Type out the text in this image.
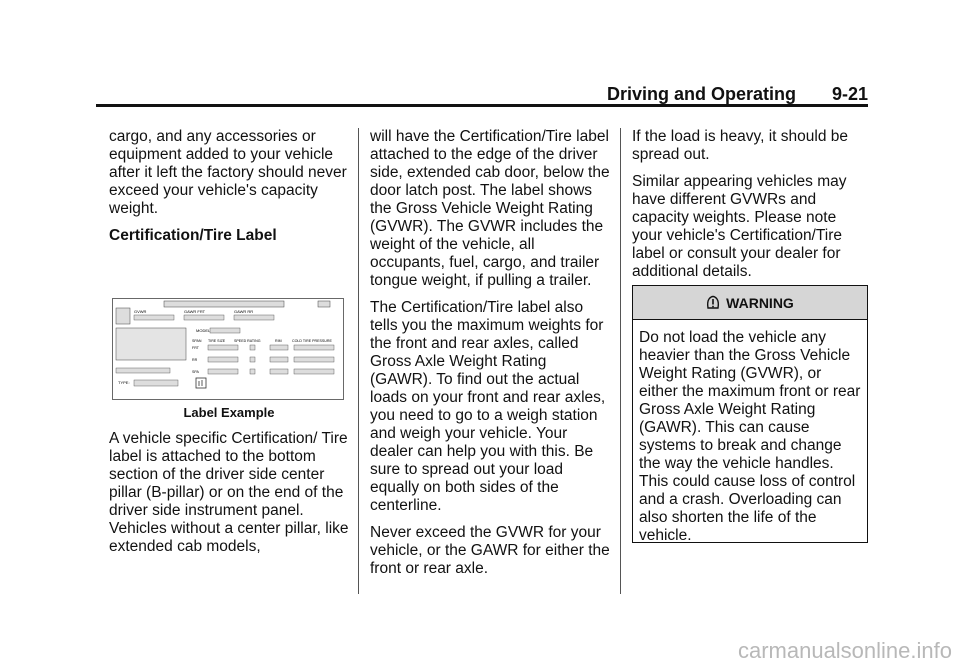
Driving and Operating 9-21

cargo, and any accessories or equipment added to your vehicle after it left the factory should never exceed your vehicle's capacity weight.

Certification/Tire Label

GVWR	GAWR FRT	GAWR RR
MODEL
SPAN TIRE SIZE SPEED RATING	RIM	COLD TIRE PRESSURE
FRT
RR
SPA
TYPE:

Label Example

A vehicle specific Certification/ Tire label is attached to the bottom section of the driver side center pillar (B-pillar) or on the end of the driver side instrument panel. Vehicles without a center pillar, like extended cab models,

will have the Certification/Tire label attached to the edge of the driver side, extended cab door, below the door latch post. The label shows the Gross Vehicle Weight Rating (GVWR). The GVWR includes the weight of the vehicle, all occupants, fuel, cargo, and trailer tongue weight, if pulling a trailer.

The Certification/Tire label also tells you the maximum weights for the front and rear axles, called Gross Axle Weight Rating (GAWR). To find out the actual loads on your front and rear axles, you need to go to a weigh station and weigh your vehicle. Your dealer can help you with this. Be sure to spread out your load equally on both sides of the centerline.

Never exceed the GVWR for your vehicle, or the GAWR for either the front or rear axle.

If the load is heavy, it should be spread out.

Similar appearing vehicles may have different GVWRs and capacity weights. Please note your vehicle's Certification/Tire label or consult your dealer for additional details.

WARNING
Do not load the vehicle any heavier than the Gross Vehicle Weight Rating (GVWR), or either the maximum front or rear Gross Axle Weight Rating (GAWR). This can cause systems to break and change the way the vehicle handles. This could cause loss of control and a crash. Overloading can also shorten the life of the vehicle.
carmanualsonline.info
